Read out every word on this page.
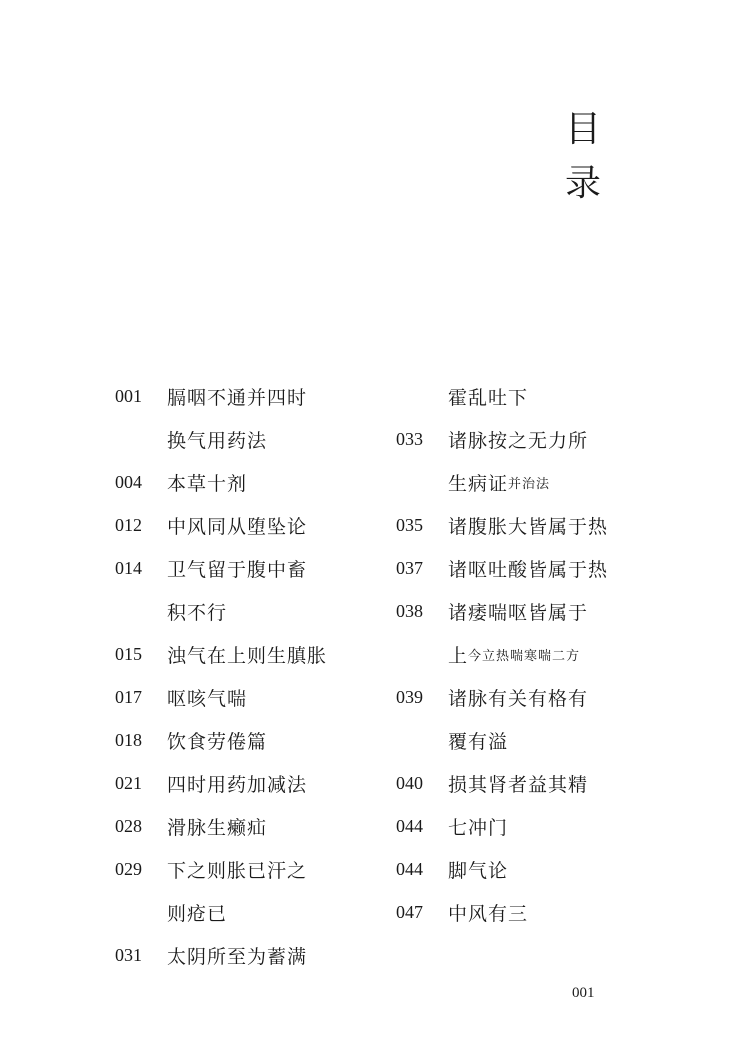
目
录
001	膈咽不通并四时
换气用药法
004	本草十剂
012	中风同从堕坠论
014	卫气留于腹中畜
积不行
015	浊气在上则生䐜胀
017	呕咳气喘
018	饮食劳倦篇
021	四时用药加减法
028	滑脉生癞疝
029	下之则胀已汗之
则疮已
031	太阴所至为蓄满
霍乱吐下
033	诸脉按之无力所
生病证 并治法
035	诸腹胀大皆属于热
037	诸呕吐酸皆属于热
038	诸痿喘呕皆属于
上 今立热喘寒喘二方
039	诸脉有关有格有
覆有溢
040	损其肾者益其精
044	七冲门
044	脚气论
047	中风有三
001
